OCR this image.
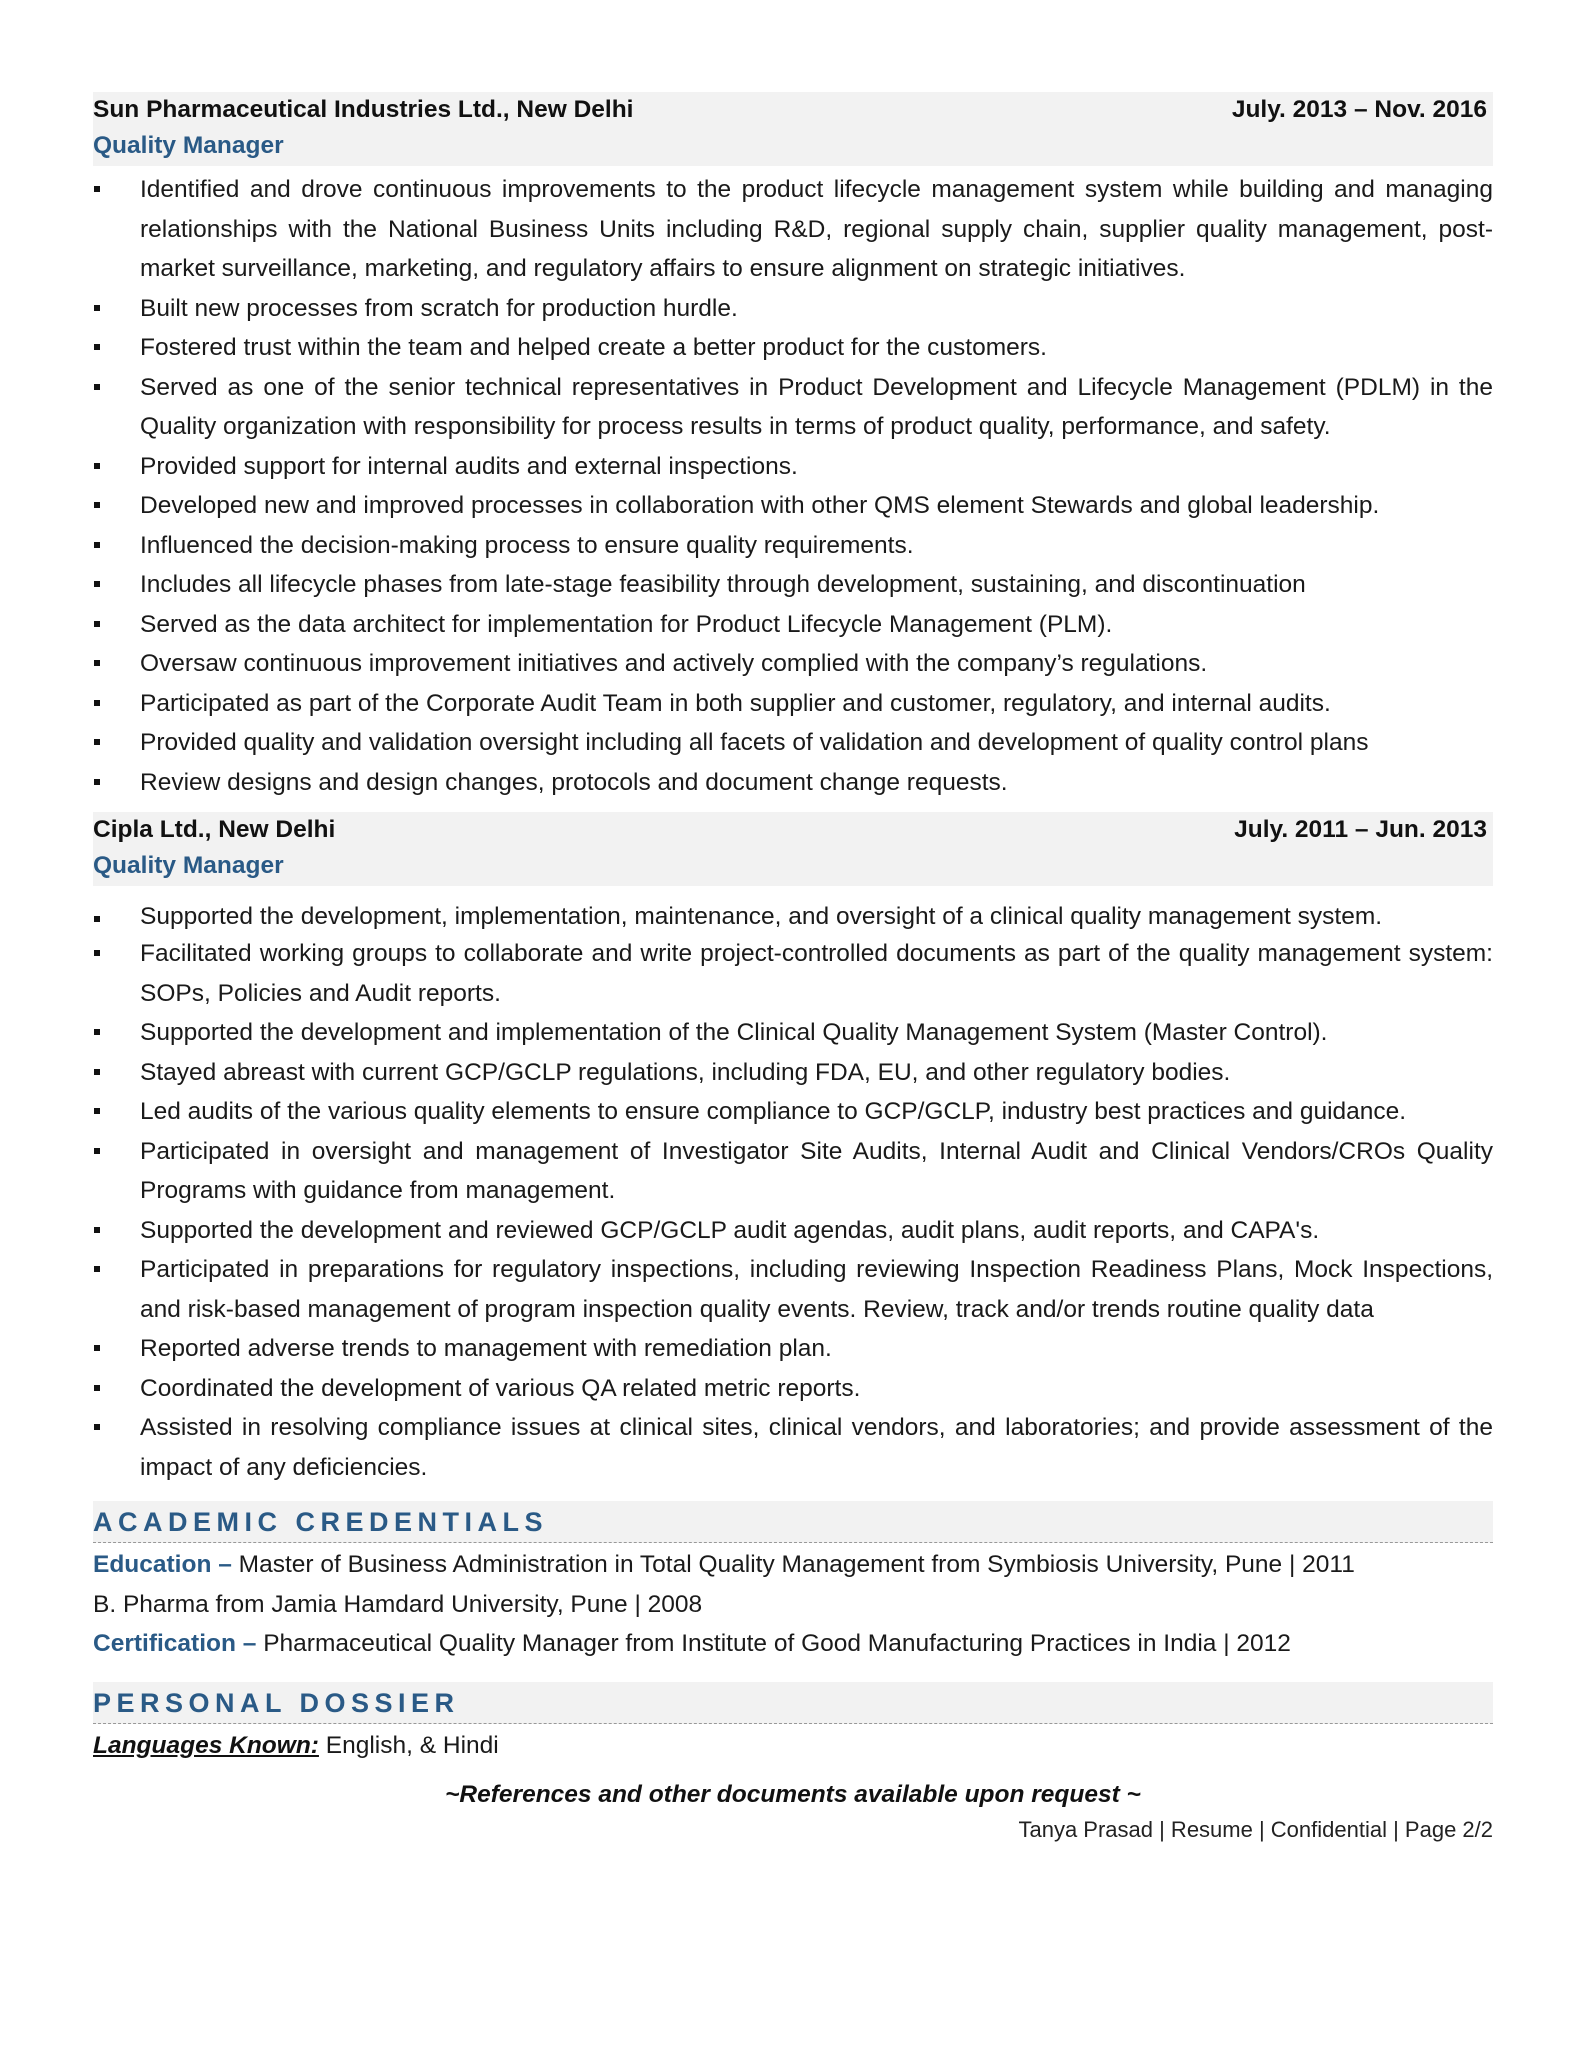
Sun Pharmaceutical Industries Ltd., New Delhi	July. 2013 – Nov. 2016
Quality Manager
Identified and drove continuous improvements to the product lifecycle management system while building and managing relationships with the National Business Units including R&D, regional supply chain, supplier quality management, post-market surveillance, marketing, and regulatory affairs to ensure alignment on strategic initiatives.
Built new processes from scratch for production hurdle.
Fostered trust within the team and helped create a better product for the customers.
Served as one of the senior technical representatives in Product Development and Lifecycle Management (PDLM) in the Quality organization with responsibility for process results in terms of product quality, performance, and safety.
Provided support for internal audits and external inspections.
Developed new and improved processes in collaboration with other QMS element Stewards and global leadership.
Influenced the decision-making process to ensure quality requirements.
Includes all lifecycle phases from late-stage feasibility through development, sustaining, and discontinuation
Served as the data architect for implementation for Product Lifecycle Management (PLM).
Oversaw continuous improvement initiatives and actively complied with the company’s regulations.
Participated as part of the Corporate Audit Team in both supplier and customer, regulatory, and internal audits.
Provided quality and validation oversight including all facets of validation and development of quality control plans
Review designs and design changes, protocols and document change requests.
Cipla Ltd., New Delhi	July. 2011 – Jun. 2013
Quality Manager
Supported the development, implementation, maintenance, and oversight of a clinical quality management system.
Facilitated working groups to collaborate and write project-controlled documents as part of the quality management system: SOPs, Policies and Audit reports.
Supported the development and implementation of the Clinical Quality Management System (Master Control).
Stayed abreast with current GCP/GCLP regulations, including FDA, EU, and other regulatory bodies.
Led audits of the various quality elements to ensure compliance to GCP/GCLP, industry best practices and guidance.
Participated in oversight and management of Investigator Site Audits, Internal Audit and Clinical Vendors/CROs Quality Programs with guidance from management.
Supported the development and reviewed GCP/GCLP audit agendas, audit plans, audit reports, and CAPA's.
Participated in preparations for regulatory inspections, including reviewing Inspection Readiness Plans, Mock Inspections, and risk-based management of program inspection quality events. Review, track and/or trends routine quality data
Reported adverse trends to management with remediation plan.
Coordinated the development of various QA related metric reports.
Assisted in resolving compliance issues at clinical sites, clinical vendors, and laboratories; and provide assessment of the impact of any deficiencies.
ACADEMIC CREDENTIALS
Education – Master of Business Administration in Total Quality Management from Symbiosis University, Pune | 2011
B. Pharma from Jamia Hamdard University, Pune | 2008
Certification – Pharmaceutical Quality Manager from Institute of Good Manufacturing Practices in India | 2012
PERSONAL DOSSIER
Languages Known: English, & Hindi
~References and other documents available upon request ~
Tanya Prasad | Resume | Confidential | Page 2/2
